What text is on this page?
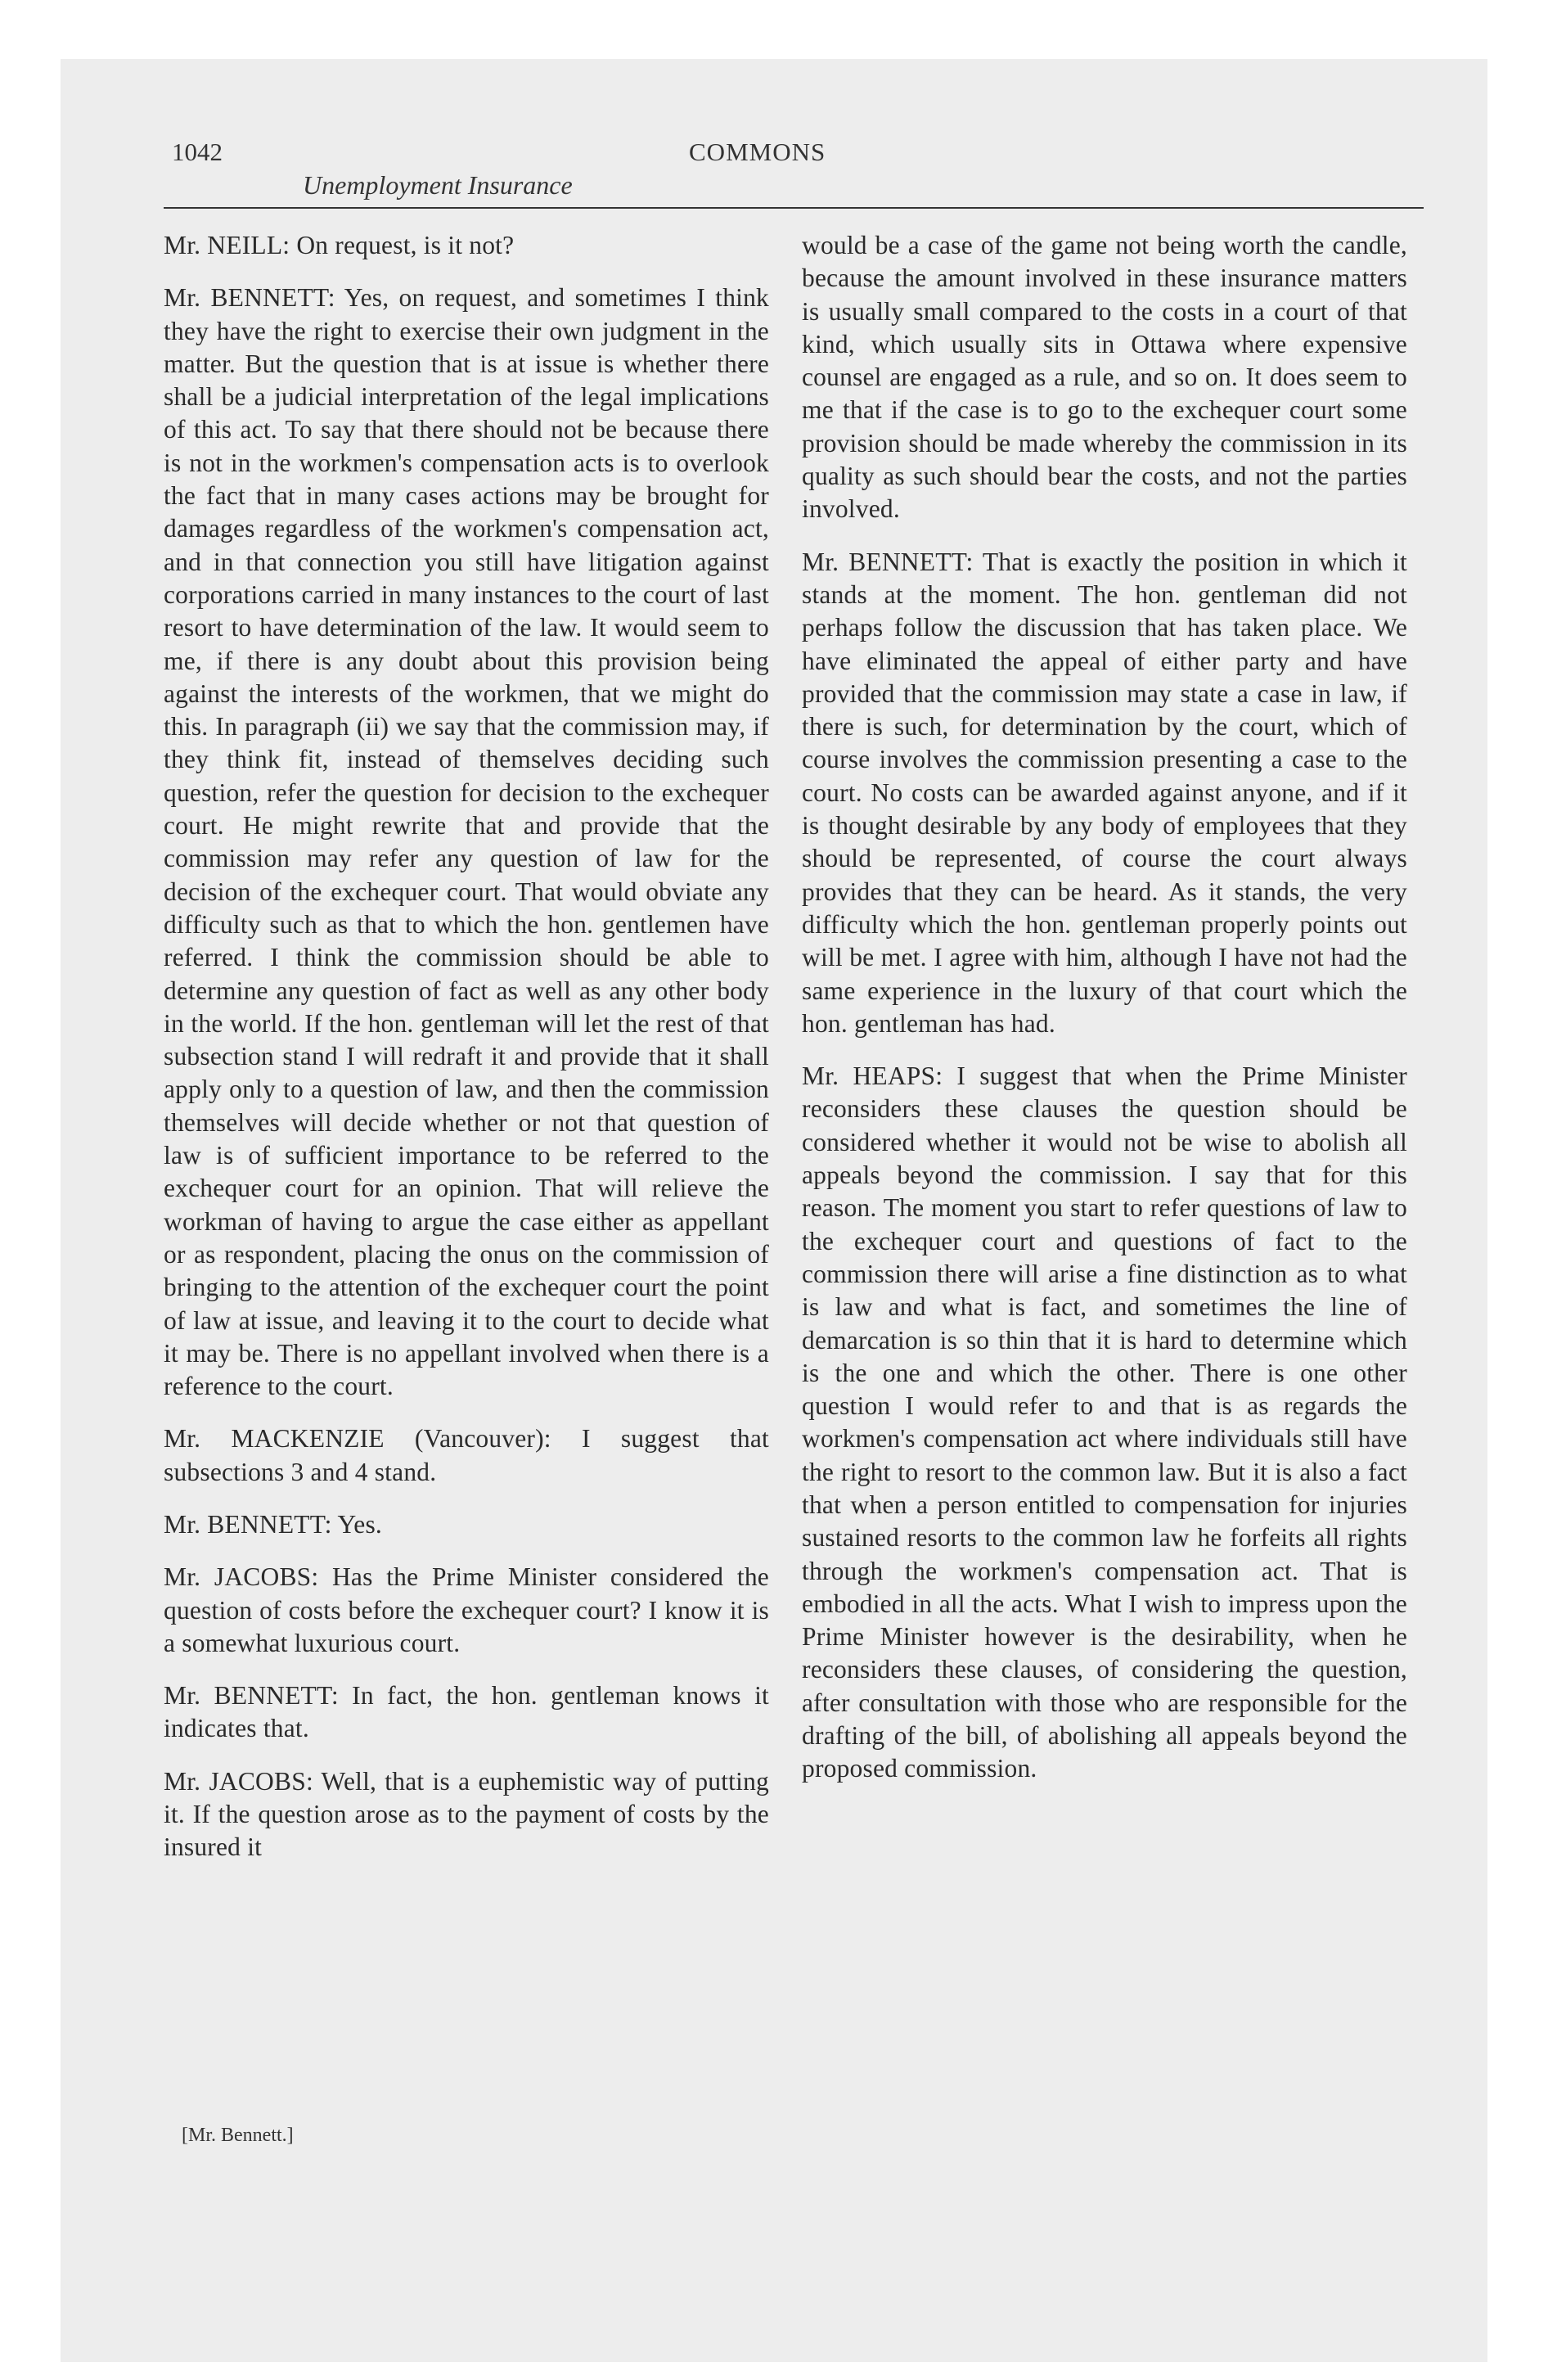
1042	COMMONS
Unemployment Insurance

Mr. NEILL: On request, is it not?

Mr. BENNETT: Yes, on request, and sometimes I think they have the right to exercise their own judgment in the matter. But the question that is at issue is whether there shall be a judicial interpretation of the legal implications of this act. To say that there should not be because there is not in the workmen's compensation acts is to overlook the fact that in many cases actions may be brought for damages regardless of the workmen's compensation act, and in that connection you still have litigation against corporations carried in many instances to the court of last resort to have determination of the law. It would seem to me, if there is any doubt about this provision being against the interests of the workmen, that we might do this. In paragraph (ii) we say that the commission may, if they think fit, instead of themselves deciding such question, refer the question for decision to the exchequer court. He might rewrite that and provide that the commission may refer any question of law for the decision of the exchequer court. That would obviate any difficulty such as that to which the hon. gentlemen have referred. I think the commission should be able to determine any question of fact as well as any other body in the world. If the hon. gentleman will let the rest of that subsection stand I will redraft it and provide that it shall apply only to a question of law, and then the commission themselves will decide whether or not that question of law is of sufficient importance to be referred to the exchequer court for an opinion. That will relieve the workman of having to argue the case either as appellant or as respondent, placing the onus on the commission of bringing to the attention of the exchequer court the point of law at issue, and leaving it to the court to decide what it may be. There is no appellant involved when there is a reference to the court.

Mr. MACKENZIE (Vancouver): I suggest that subsections 3 and 4 stand.

Mr. BENNETT: Yes.

Mr. JACOBS: Has the Prime Minister considered the question of costs before the exchequer court? I know it is a somewhat luxurious court.

Mr. BENNETT: In fact, the hon. gentleman knows it indicates that.

Mr. JACOBS: Well, that is a euphemistic way of putting it. If the question arose as to the payment of costs by the insured it

[Mr. Bennett.]

would be a case of the game not being worth the candle, because the amount involved in these insurance matters is usually small compared to the costs in a court of that kind, which usually sits in Ottawa where expensive counsel are engaged as a rule, and so on. It does seem to me that if the case is to go to the exchequer court some provision should be made whereby the commission in its quality as such should bear the costs, and not the parties involved.

Mr. BENNETT: That is exactly the position in which it stands at the moment. The hon. gentleman did not perhaps follow the discussion that has taken place. We have eliminated the appeal of either party and have provided that the commission may state a case in law, if there is such, for determination by the court, which of course involves the commission presenting a case to the court. No costs can be awarded against anyone, and if it is thought desirable by any body of employees that they should be represented, of course the court always provides that they can be heard. As it stands, the very difficulty which the hon. gentleman properly points out will be met. I agree with him, although I have not had the same experience in the luxury of that court which the hon. gentleman has had.

Mr. HEAPS: I suggest that when the Prime Minister reconsiders these clauses the question should be considered whether it would not be wise to abolish all appeals beyond the commission. I say that for this reason. The moment you start to refer questions of law to the exchequer court and questions of fact to the commission there will arise a fine distinction as to what is law and what is fact, and sometimes the line of demarcation is so thin that it is hard to determine which is the one and which the other. There is one other question I would refer to and that is as regards the workmen's compensation act where individuals still have the right to resort to the common law. But it is also a fact that when a person entitled to compensation for injuries sustained resorts to the common law he forfeits all rights through the workmen's compensation act. That is embodied in all the acts. What I wish to impress upon the Prime Minister however is the desirability, when he reconsiders these clauses, of considering the question, after consultation with those who are responsible for the drafting of the bill, of abolishing all appeals beyond the proposed commission.
